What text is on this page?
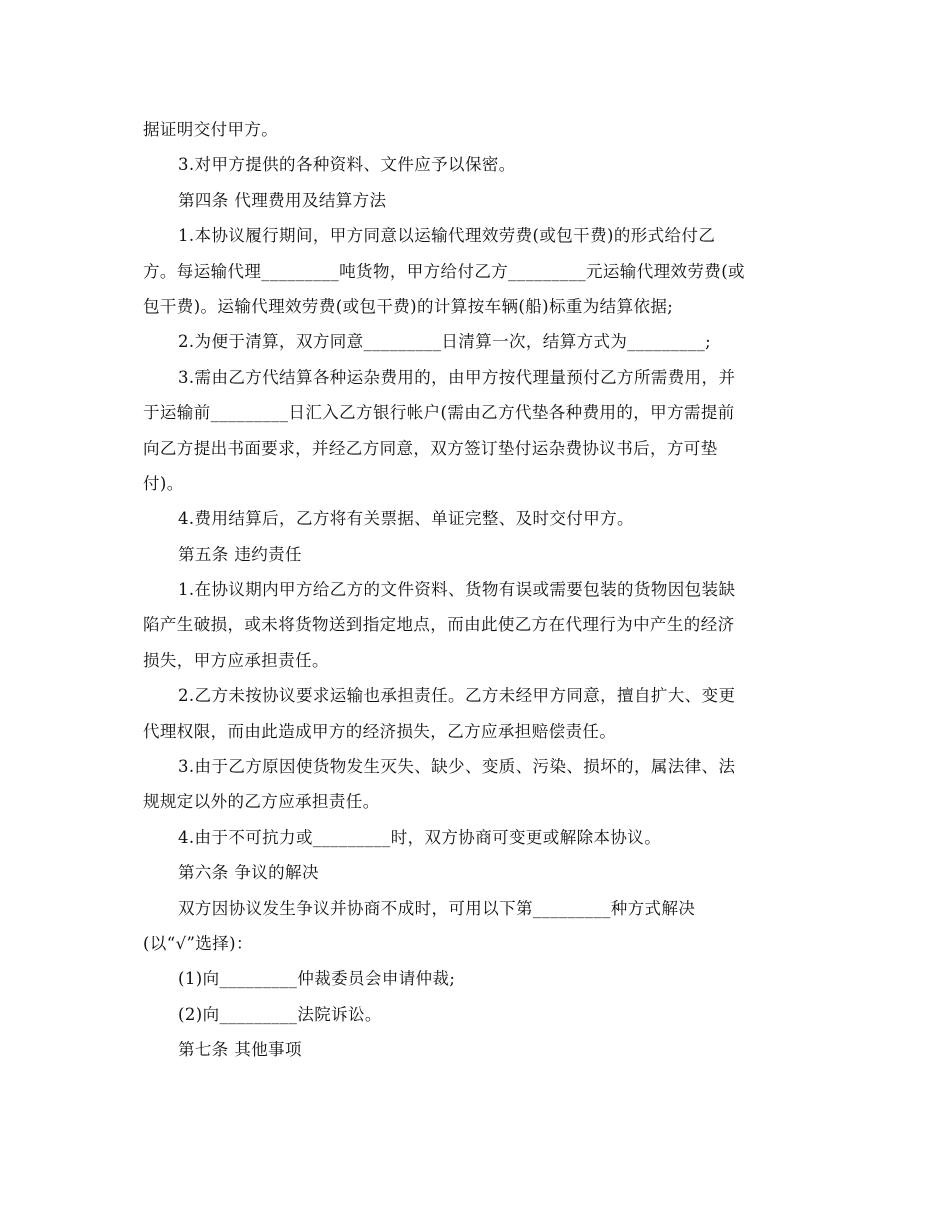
据证明交付甲方。
3.对甲方提供的各种资料、文件应予以保密。
第四条 代理费用及结算方法
1.本协议履行期间，甲方同意以运输代理效劳费(或包干费)的形式给付乙
方。每运输代理_________吨货物，甲方给付乙方_________元运输代理效劳费(或
包干费)。运输代理效劳费(或包干费)的计算按车辆(船)标重为结算依据;
2.为便于清算，双方同意_________日清算一次，结算方式为_________;
3.需由乙方代结算各种运杂费用的，由甲方按代理量预付乙方所需费用，并
于运输前_________日汇入乙方银行帐户(需由乙方代垫各种费用的，甲方需提前
向乙方提出书面要求，并经乙方同意，双方签订垫付运杂费协议书后，方可垫
付)。
4.费用结算后，乙方将有关票据、单证完整、及时交付甲方。
第五条 违约责任
1.在协议期内甲方给乙方的文件资料、货物有误或需要包装的货物因包装缺
陷产生破损，或未将货物送到指定地点，而由此使乙方在代理行为中产生的经济
损失，甲方应承担责任。
2.乙方未按协议要求运输也承担责任。乙方未经甲方同意，擅自扩大、变更
代理权限，而由此造成甲方的经济损失，乙方应承担赔偿责任。
3.由于乙方原因使货物发生灭失、缺少、变质、污染、损坏的，属法律、法
规规定以外的乙方应承担责任。
4.由于不可抗力或_________时，双方协商可变更或解除本协议。
第六条 争议的解决
双方因协议发生争议并协商不成时，可用以下第_________种方式解决
(以“√”选择)：
(1)向_________仲裁委员会申请仲裁;
(2)向_________法院诉讼。
第七条 其他事项
